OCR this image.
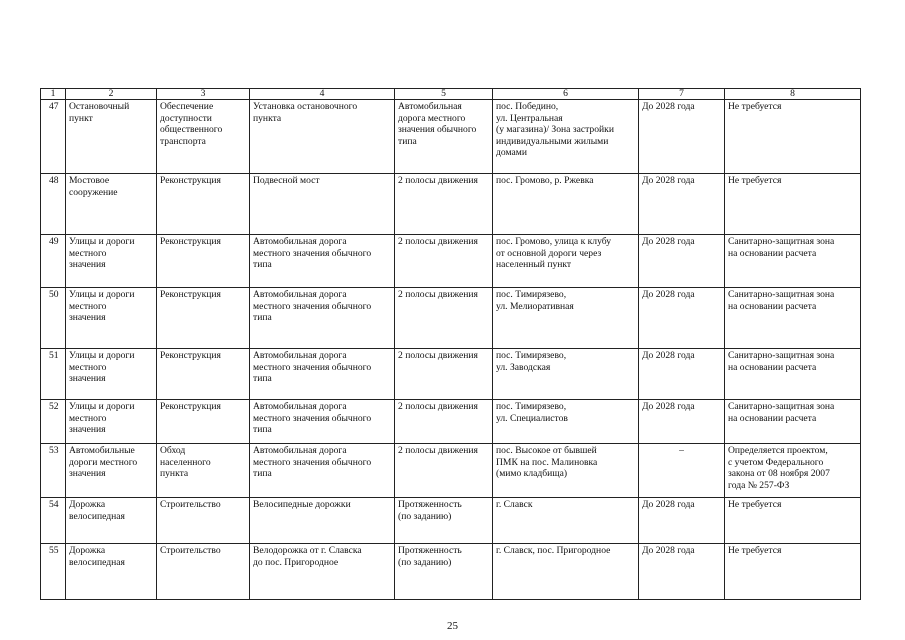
1	2	3	4	5	6	7	8
47	Остановочный
пункт	Обеспечение
доступности
общественного
транспорта	Установка остановочного
пункта	Автомобильная
дорога местного
значения обычного
типа	пос. Победино,
ул. Центральная
(у магазина)/ Зона застройки
индивидуальными жилыми
домами	До 2028 года	Не требуется
48	Мостовое
сооружение	Реконструкция	Подвесной мост	2 полосы движения	пос. Громово, р. Ржевка	До 2028 года	Не требуется
49	Улицы и дороги
местного
значения	Реконструкция	Автомобильная дорога
местного значения обычного
типа	2 полосы движения	пос. Громово, улица к клубу
от основной дороги через
населенный пункт	До 2028 года	Санитарно-защитная зона
на основании расчета
50	Улицы и дороги
местного
значения	Реконструкция	Автомобильная дорога
местного значения обычного
типа	2 полосы движения	пос. Тимирязево,
ул. Мелиоративная	До 2028 года	Санитарно-защитная зона
на основании расчета
51	Улицы и дороги
местного
значения	Реконструкция	Автомобильная дорога
местного значения обычного
типа	2 полосы движения	пос. Тимирязево,
ул. Заводская	До 2028 года	Санитарно-защитная зона
на основании расчета
52	Улицы и дороги
местного
значения	Реконструкция	Автомобильная дорога
местного значения обычного
типа	2 полосы движения	пос. Тимирязево,
ул. Специалистов	До 2028 года	Санитарно-защитная зона
на основании расчета
53	Автомобильные
дороги местного
значения	Обход
населенного
пункта	Автомобильная дорога
местного значения обычного
типа	2 полосы движения	пос. Высокое от бывшей
ПМК на пос. Малиновка
(мимо кладбища)	–	Определяется проектом,
с учетом Федерального
закона от 08 ноября 2007
года № 257-ФЗ
54	Дорожка
велосипедная	Строительство	Велосипедные дорожки	Протяженность
(по заданию)	г. Славск	До 2028 года	Не требуется
55	Дорожка
велосипедная	Строительство	Велодорожка от г. Славска
до пос. Пригородное	Протяженность
(по заданию)	г. Славск, пос. Пригородное	До 2028 года	Не требуется
25
